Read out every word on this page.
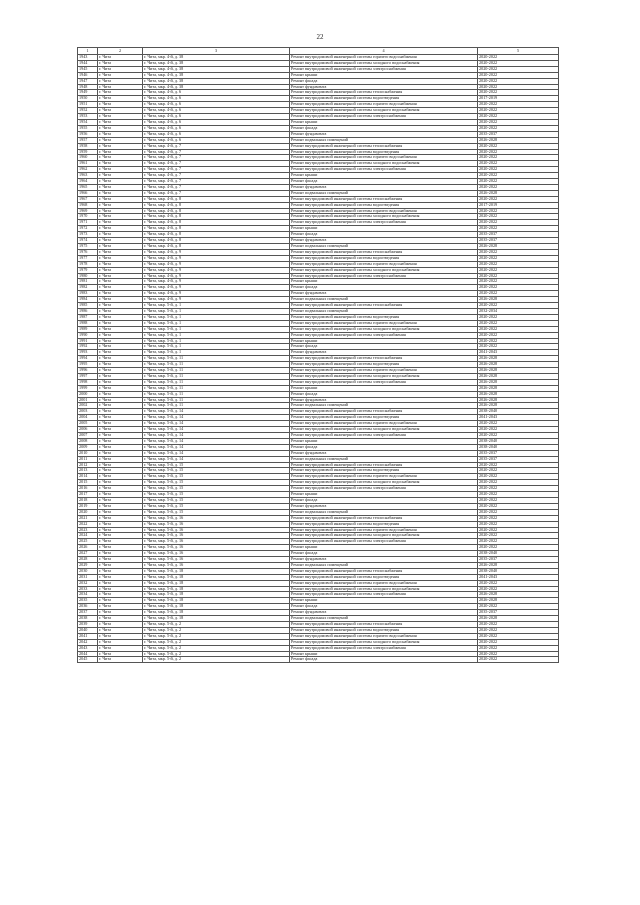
22
1	2	3	4	5
1943	г. Чита	г. Чита, мкр. 4-й, д. 38	Ремонт внутридомовой инженерной системы горячего водоснабжения	2020-2022
1944	г. Чита	г. Чита, мкр. 4-й, д. 38	Ремонт внутридомовой инженерной системы холодного водоснабжения	2020-2022
1945	г. Чита	г. Чита, мкр. 4-й, д. 38	Ремонт внутридомовой инженерной системы электроснабжения	2020-2022
1946	г. Чита	г. Чита, мкр. 4-й, д. 38	Ремонт крыши	2020-2022
1947	г. Чита	г. Чита, мкр. 4-й, д. 38	Ремонт фасада	2020-2022
1948	г. Чита	г. Чита, мкр. 4-й, д. 38	Ремонт фундамента	2020-2022
1949	г. Чита	г. Чита, мкр. 4-й, д. 6	Ремонт внутридомовой инженерной системы теплоснабжения	2020-2022
1950	г. Чита	г. Чита, мкр. 4-й, д. 6	Ремонт внутридомовой инженерной системы водоотведения	2017-2019
1951	г. Чита	г. Чита, мкр. 4-й, д. 6	Ремонт внутридомовой инженерной системы горячего водоснабжения	2020-2022
1952	г. Чита	г. Чита, мкр. 4-й, д. 6	Ремонт внутридомовой инженерной системы холодного водоснабжения	2020-2022
1953	г. Чита	г. Чита, мкр. 4-й, д. 6	Ремонт внутридомовой инженерной системы электроснабжения	2020-2022
1954	г. Чита	г. Чита, мкр. 4-й, д. 6	Ремонт крыши	2020-2022
1955	г. Чита	г. Чита, мкр. 4-й, д. 6	Ремонт фасада	2020-2022
1956	г. Чита	г. Чита, мкр. 4-й, д. 6	Ремонт фундамента	2035-2037
1957	г. Чита	г. Чита, мкр. 4-й, д. 6	Ремонт подвальных помещений	2026-2028
1958	г. Чита	г. Чита, мкр. 4-й, д. 7	Ремонт внутридомовой инженерной системы теплоснабжения	2020-2022
1959	г. Чита	г. Чита, мкр. 4-й, д. 7	Ремонт внутридомовой инженерной системы водоотведения	2020-2022
1960	г. Чита	г. Чита, мкр. 4-й, д. 7	Ремонт внутридомовой инженерной системы горячего водоснабжения	2020-2022
1961	г. Чита	г. Чита, мкр. 4-й, д. 7	Ремонт внутридомовой инженерной системы холодного водоснабжения	2020-2022
1962	г. Чита	г. Чита, мкр. 4-й, д. 7	Ремонт внутридомовой инженерной системы электроснабжения	2020-2022
1963	г. Чита	г. Чита, мкр. 4-й, д. 7	Ремонт крыши	2020-2022
1964	г. Чита	г. Чита, мкр. 4-й, д. 7	Ремонт фасада	2020-2022
1965	г. Чита	г. Чита, мкр. 4-й, д. 7	Ремонт фундамента	2020-2022
1966	г. Чита	г. Чита, мкр. 4-й, д. 7	Ремонт подвальных помещений	2026-2028
1967	г. Чита	г. Чита, мкр. 4-й, д. 8	Ремонт внутридомовой инженерной системы теплоснабжения	2020-2022
1968	г. Чита	г. Чита, мкр. 4-й, д. 8	Ремонт внутридомовой инженерной системы водоотведения	2017-2019
1969	г. Чита	г. Чита, мкр. 4-й, д. 8	Ремонт внутридомовой инженерной системы горячего водоснабжения	2020-2022
1970	г. Чита	г. Чита, мкр. 4-й, д. 8	Ремонт внутридомовой инженерной системы холодного водоснабжения	2020-2022
1971	г. Чита	г. Чита, мкр. 4-й, д. 8	Ремонт внутридомовой инженерной системы электроснабжения	2020-2022
1972	г. Чита	г. Чита, мкр. 4-й, д. 8	Ремонт крыши	2020-2022
1973	г. Чита	г. Чита, мкр. 4-й, д. 8	Ремонт фасада	2035-2037
1974	г. Чита	г. Чита, мкр. 4-й, д. 8	Ремонт фундамента	2035-2037
1975	г. Чита	г. Чита, мкр. 4-й, д. 8	Ремонт подвальных помещений	2026-2028
1976	г. Чита	г. Чита, мкр. 4-й, д. 9	Ремонт внутридомовой инженерной системы теплоснабжения	2020-2022
1977	г. Чита	г. Чита, мкр. 4-й, д. 9	Ремонт внутридомовой инженерной системы водоотведения	2020-2022
1978	г. Чита	г. Чита, мкр. 4-й, д. 9	Ремонт внутридомовой инженерной системы горячего водоснабжения	2020-2022
1979	г. Чита	г. Чита, мкр. 4-й, д. 9	Ремонт внутридомовой инженерной системы холодного водоснабжения	2020-2022
1980	г. Чита	г. Чита, мкр. 4-й, д. 9	Ремонт внутридомовой инженерной системы электроснабжения	2020-2022
1981	г. Чита	г. Чита, мкр. 4-й, д. 9	Ремонт крыши	2020-2022
1982	г. Чита	г. Чита, мкр. 4-й, д. 9	Ремонт фасада	2020-2022
1983	г. Чита	г. Чита, мкр. 4-й, д. 9	Ремонт фундамента	2020-2022
1984	г. Чита	г. Чита, мкр. 4-й, д. 9	Ремонт подвальных помещений	2026-2028
1985	г. Чита	г. Чита, мкр. 5-й, д. 1	Ремонт внутридомовой инженерной системы теплоснабжения	2020-2022
1986	г. Чита	г. Чита, мкр. 5-й, д. 1	Ремонт подвальных помещений	2032-2034
1987	г. Чита	г. Чита, мкр. 5-й, д. 1	Ремонт внутридомовой инженерной системы водоотведения	2020-2022
1988	г. Чита	г. Чита, мкр. 5-й, д. 1	Ремонт внутридомовой инженерной системы горячего водоснабжения	2020-2022
1989	г. Чита	г. Чита, мкр. 5-й, д. 1	Ремонт внутридомовой инженерной системы холодного водоснабжения	2020-2022
1990	г. Чита	г. Чита, мкр. 5-й, д. 1	Ремонт внутридомовой инженерной системы электроснабжения	2020-2022
1991	г. Чита	г. Чита, мкр. 5-й, д. 1	Ремонт крыши	2020-2022
1992	г. Чита	г. Чита, мкр. 5-й, д. 1	Ремонт фасада	2020-2022
1993	г. Чита	г. Чита, мкр. 5-й, д. 1	Ремонт фундамента	2041-2043
1994	г. Чита	г. Чита, мкр. 5-й, д. 11	Ремонт внутридомовой инженерной системы теплоснабжения	2026-2028
1995	г. Чита	г. Чита, мкр. 5-й, д. 11	Ремонт внутридомовой инженерной системы водоотведения	2026-2028
1996	г. Чита	г. Чита, мкр. 5-й, д. 11	Ремонт внутридомовой инженерной системы горячего водоснабжения	2026-2028
1997	г. Чита	г. Чита, мкр. 5-й, д. 11	Ремонт внутридомовой инженерной системы холодного водоснабжения	2026-2028
1998	г. Чита	г. Чита, мкр. 5-й, д. 11	Ремонт внутридомовой инженерной системы электроснабжения	2026-2028
1999	г. Чита	г. Чита, мкр. 5-й, д. 11	Ремонт крыши	2026-2028
2000	г. Чита	г. Чита, мкр. 5-й, д. 11	Ремонт фасада	2026-2028
2001	г. Чита	г. Чита, мкр. 5-й, д. 11	Ремонт фундамента	2026-2028
2002	г. Чита	г. Чита, мкр. 5-й, д. 11	Ремонт подвальных помещений	2026-2028
2003	г. Чита	г. Чита, мкр. 5-й, д. 14	Ремонт внутридомовой инженерной системы теплоснабжения	2038-2040
2004	г. Чита	г. Чита, мкр. 5-й, д. 14	Ремонт внутридомовой инженерной системы водоотведения	2041-2043
2005	г. Чита	г. Чита, мкр. 5-й, д. 14	Ремонт внутридомовой инженерной системы горячего водоснабжения	2020-2022
2006	г. Чита	г. Чита, мкр. 5-й, д. 14	Ремонт внутридомовой инженерной системы холодного водоснабжения	2020-2022
2007	г. Чита	г. Чита, мкр. 5-й, д. 14	Ремонт внутридомовой инженерной системы электроснабжения	2020-2022
2008	г. Чита	г. Чита, мкр. 5-й, д. 14	Ремонт крыши	2038-2040
2009	г. Чита	г. Чита, мкр. 5-й, д. 14	Ремонт фасада	2038-2040
2010	г. Чита	г. Чита, мкр. 5-й, д. 14	Ремонт фундамента	2035-2037
2011	г. Чита	г. Чита, мкр. 5-й, д. 14	Ремонт подвальных помещений	2035-2037
2012	г. Чита	г. Чита, мкр. 5-й, д. 15	Ремонт внутридомовой инженерной системы теплоснабжения	2020-2022
2013	г. Чита	г. Чита, мкр. 5-й, д. 15	Ремонт внутридомовой инженерной системы водоотведения	2020-2022
2014	г. Чита	г. Чита, мкр. 5-й, д. 15	Ремонт внутридомовой инженерной системы горячего водоснабжения	2020-2022
2015	г. Чита	г. Чита, мкр. 5-й, д. 15	Ремонт внутридомовой инженерной системы холодного водоснабжения	2020-2022
2016	г. Чита	г. Чита, мкр. 5-й, д. 15	Ремонт внутридомовой инженерной системы электроснабжения	2020-2022
2017	г. Чита	г. Чита, мкр. 5-й, д. 15	Ремонт крыши	2020-2022
2018	г. Чита	г. Чита, мкр. 5-й, д. 15	Ремонт фасада	2020-2022
2019	г. Чита	г. Чита, мкр. 5-й, д. 15	Ремонт фундамента	2020-2022
2020	г. Чита	г. Чита, мкр. 5-й, д. 15	Ремонт подвальных помещений	2020-2022
2021	г. Чита	г. Чита, мкр. 5-й, д. 16	Ремонт внутридомовой инженерной системы теплоснабжения	2020-2022
2022	г. Чита	г. Чита, мкр. 5-й, д. 16	Ремонт внутридомовой инженерной системы водоотведения	2020-2022
2023	г. Чита	г. Чита, мкр. 5-й, д. 16	Ремонт внутридомовой инженерной системы горячего водоснабжения	2020-2022
2024	г. Чита	г. Чита, мкр. 5-й, д. 16	Ремонт внутридомовой инженерной системы холодного водоснабжения	2020-2022
2025	г. Чита	г. Чита, мкр. 5-й, д. 16	Ремонт внутридомовой инженерной системы электроснабжения	2020-2022
2026	г. Чита	г. Чита, мкр. 5-й, д. 16	Ремонт крыши	2020-2022
2027	г. Чита	г. Чита, мкр. 5-й, д. 16	Ремонт фасада	2038-2040
2028	г. Чита	г. Чита, мкр. 5-й, д. 16	Ремонт фундамента	2035-2037
2029	г. Чита	г. Чита, мкр. 5-й, д. 16	Ремонт подвальных помещений	2026-2028
2030	г. Чита	г. Чита, мкр. 5-й, д. 18	Ремонт внутридомовой инженерной системы теплоснабжения	2038-2040
2031	г. Чита	г. Чита, мкр. 5-й, д. 18	Ремонт внутридомовой инженерной системы водоотведения	2041-2043
2032	г. Чита	г. Чита, мкр. 5-й, д. 18	Ремонт внутридомовой инженерной системы горячего водоснабжения	2020-2022
2033	г. Чита	г. Чита, мкр. 5-й, д. 18	Ремонт внутридомовой инженерной системы холодного водоснабжения	2020-2022
2034	г. Чита	г. Чита, мкр. 5-й, д. 18	Ремонт внутридомовой инженерной системы электроснабжения	2026-2028
2035	г. Чита	г. Чита, мкр. 5-й, д. 18	Ремонт крыши	2026-2028
2036	г. Чита	г. Чита, мкр. 5-й, д. 18	Ремонт фасада	2020-2022
2037	г. Чита	г. Чита, мкр. 5-й, д. 18	Ремонт фундамента	2035-2037
2038	г. Чита	г. Чита, мкр. 5-й, д. 18	Ремонт подвальных помещений	2026-2028
2039	г. Чита	г. Чита, мкр. 5-й, д. 2	Ремонт внутридомовой инженерной системы теплоснабжения	2020-2022
2040	г. Чита	г. Чита, мкр. 5-й, д. 2	Ремонт внутридомовой инженерной системы водоотведения	2020-2022
2041	г. Чита	г. Чита, мкр. 5-й, д. 2	Ремонт внутридомовой инженерной системы горячего водоснабжения	2020-2022
2042	г. Чита	г. Чита, мкр. 5-й, д. 2	Ремонт внутридомовой инженерной системы холодного водоснабжения	2020-2022
2043	г. Чита	г. Чита, мкр. 5-й, д. 2	Ремонт внутридомовой инженерной системы электроснабжения	2020-2022
2044	г. Чита	г. Чита, мкр. 5-й, д. 2	Ремонт крыши	2020-2022
2045	г. Чита	г. Чита, мкр. 5-й, д. 2	Ремонт фасада	2020-2022
